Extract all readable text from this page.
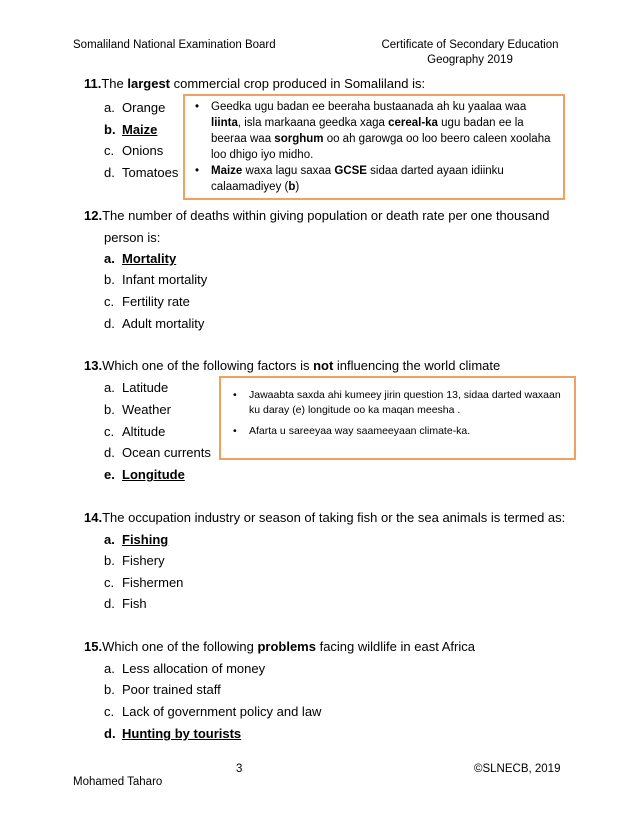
Somaliland National Examination Board	Certificate of Secondary Education
Geography 2019
11.The largest commercial crop produced in Somaliland is:
a. Orange
b. Maize
c. Onions
d. Tomatoes
• Geedka ugu badan ee beeraha bustaanada ah ku yaalaa waa liinta, isla markaana geedka xaga cereal-ka ugu badan ee la beeraa waa sorghum oo ah garowga oo loo beero caleen xoolaha loo dhigo iyo midho.
• Maize waxa lagu saxaa GCSE sidaa darted ayaan idiinku calaamadiyey (b)
12.The number of deaths within giving population or death rate per one thousand
person is:
a. Mortality
b. Infant mortality
c. Fertility rate
d. Adult mortality
13.Which one of the following factors is not influencing the world climate
a. Latitude
b. Weather
c. Altitude
d. Ocean currents
e. Longitude
• Jawaabta saxda ahi kumeey jirin question 13, sidaa darted waxaan ku daray (e) longitude oo ka maqan meesha .
• Afarta u sareeyaa way saameeyaan climate-ka.
14.The occupation industry or season of taking fish or the sea animals is termed as:
a. Fishing
b. Fishery
c. Fishermen
d. Fish
15.Which one of the following problems facing wildlife in east Africa
a. Less allocation of money
b. Poor trained staff
c. Lack of government policy and law
d. Hunting by tourists
3	©SLNECB, 2019
Mohamed Taharo
